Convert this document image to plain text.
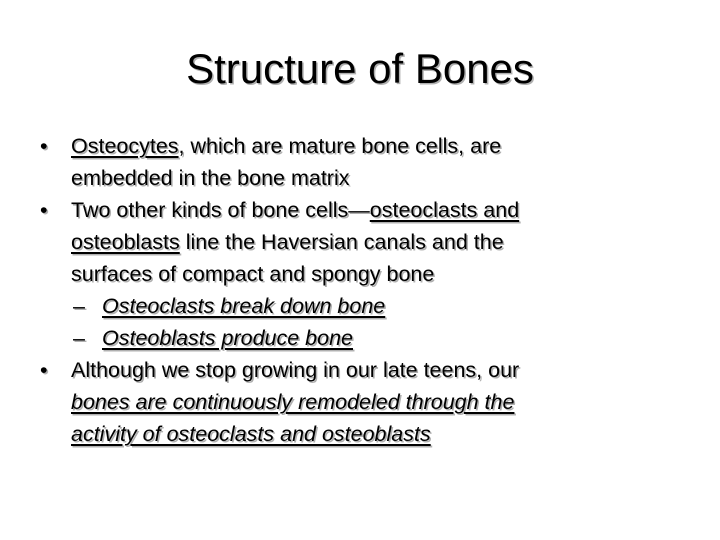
Structure of Bones
• Osteocytes, which are mature bone cells, are
embedded in the bone matrix
• Two other kinds of bone cells—osteoclasts and
osteoblasts line the Haversian canals and the
surfaces of compact and spongy bone
– Osteoclasts break down bone
– Osteoblasts produce bone
• Although we stop growing in our late teens, our
bones are continuously remodeled through the
activity of osteoclasts and osteoblasts
